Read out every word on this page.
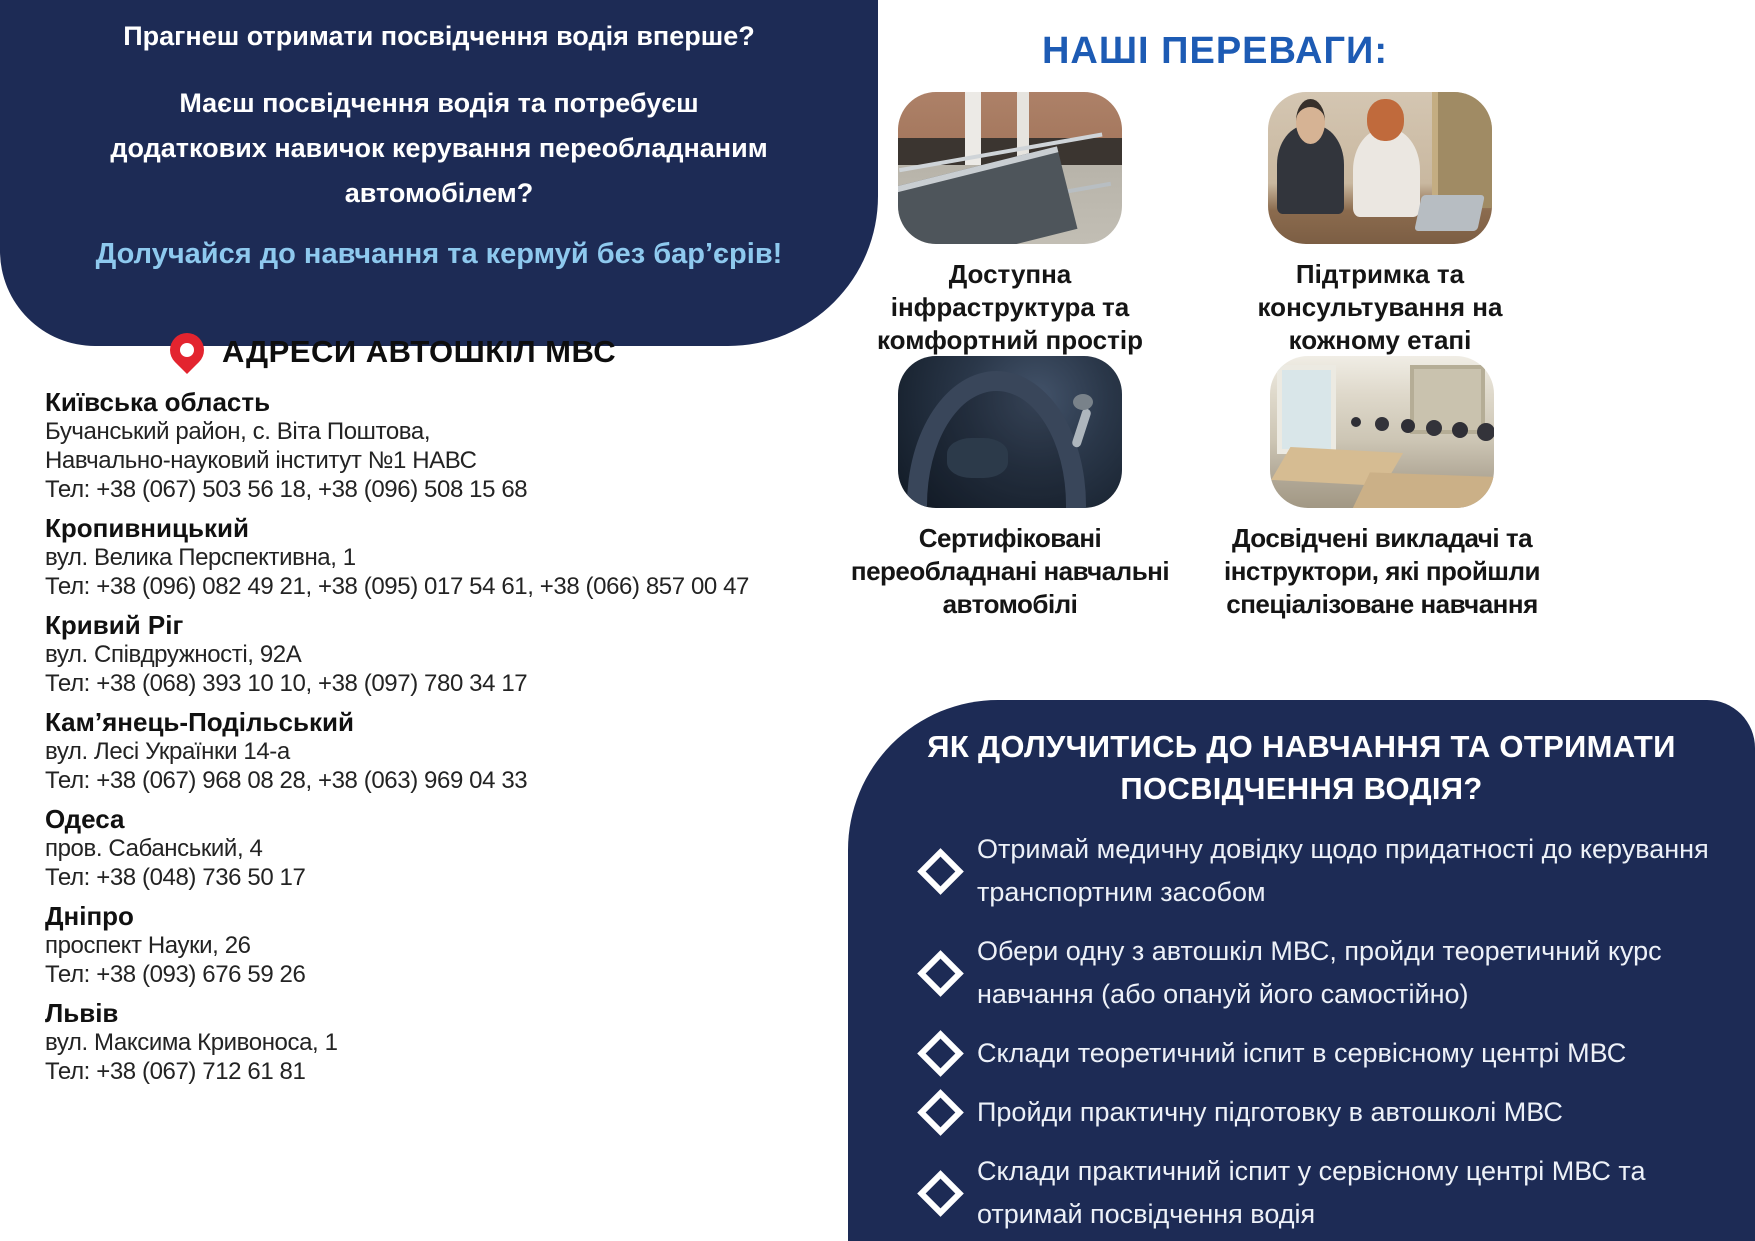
Прагнеш отримати посвідчення водія вперше?

Маєш посвідчення водія та потребуєш додаткових навичок керування переобладнаним автомобілем?

Долучайся до навчання та кермуй без бар’єрів!

АДРЕСИ АВТОШКІЛ МВС
Київська область
Бучанський район, с. Віта Поштова,
Навчально-науковий інститут №1 НАВС
Тел: +38 (067) 503 56 18, +38 (096) 508 15 68
Кропивницький
вул. Велика Перспективна, 1
Тел: +38 (096) 082 49 21, +38 (095) 017 54 61, +38 (066) 857 00 47
Кривий Ріг
вул. Співдружності, 92А
Тел: +38 (068) 393 10 10, +38 (097) 780 34 17
Кам’янець-Подільський
вул. Лесі Українки 14-а
Тел: +38 (067) 968 08 28, +38 (063) 969 04 33
Одеса
пров. Сабанський, 4
Тел: +38 (048) 736 50 17
Дніпро
проспект Науки, 26
Тел: +38 (093) 676 59 26
Львів
вул. Максима Кривоноса, 1
Тел: +38 (067) 712 61 81
НАШІ ПЕРЕВАГИ:
Доступна інфраструктура та комфортний простір
Підтримка та консультування на кожному етапі
Сертифіковані переобладнані навчальні автомобілі
Досвідчені викладачі та інструктори, які пройшли спеціалізоване навчання
ЯК ДОЛУЧИТИСЬ ДО НАВЧАННЯ ТА ОТРИМАТИ ПОСВІДЧЕННЯ ВОДІЯ?
Отримай медичну довідку щодо придатності до керування транспортним засобом
Обери одну з автошкіл МВС, пройди теоретичний курс навчання (або опануй його самостійно)
Склади теоретичний іспит в сервісному центрі МВС
Пройди практичну підготовку в автошколі МВС
Склади практичний іспит у сервісному центрі МВС та отримай посвідчення водія
